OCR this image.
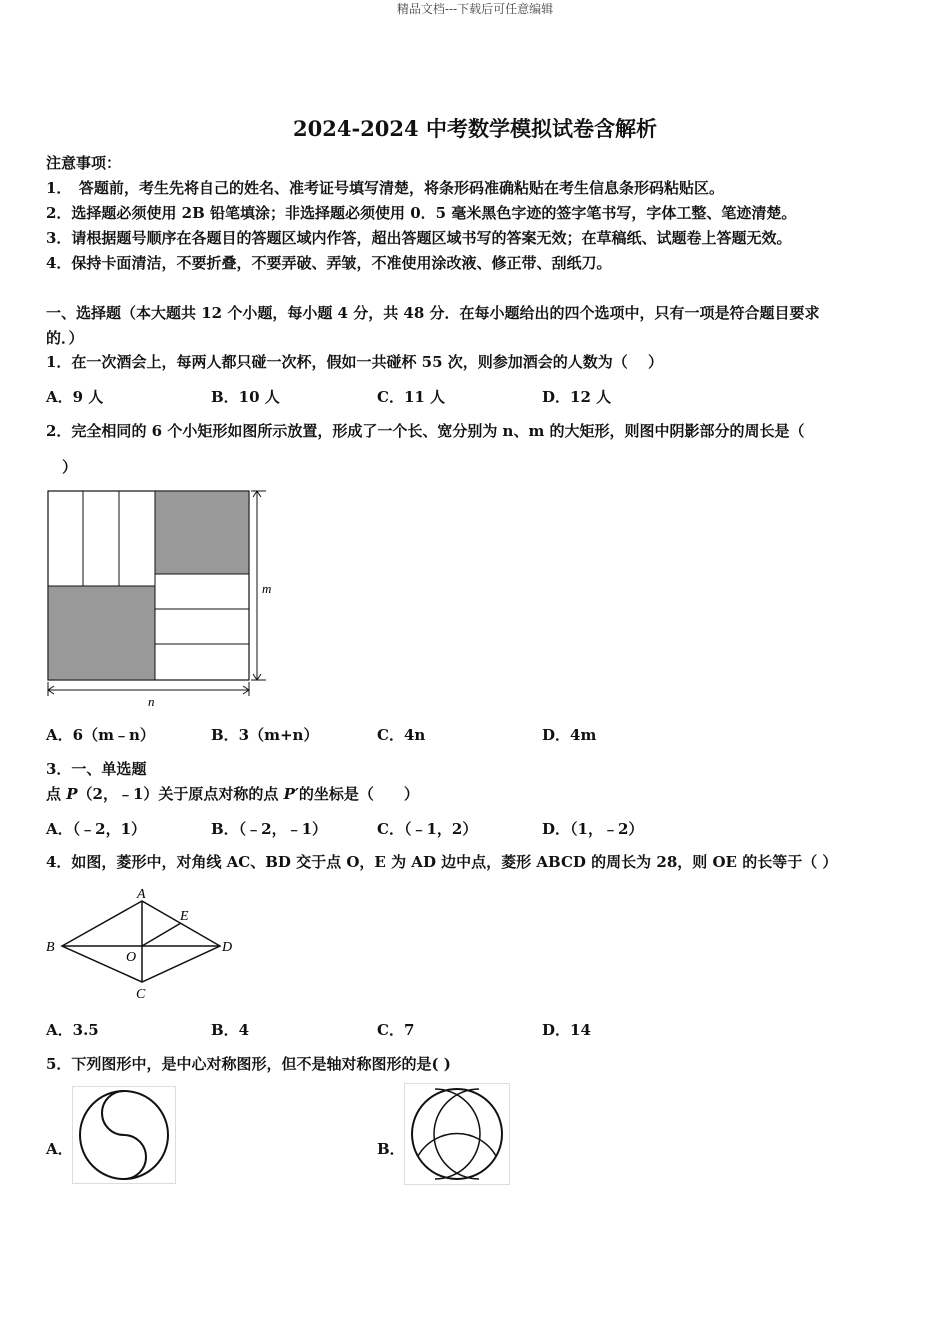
精品文档---下载后可任意编辑
2024-2024 中考数学模拟试卷含解析
注意事项：
1．　答题前，考生先将自己的姓名、准考证号填写清楚，将条形码准确粘贴在考生信息条形码粘贴区。
2．选择题必须使用 2B 铅笔填涂；非选择题必须使用 0．5 毫米黑色字迹的签字笔书写，字体工整、笔迹清楚。
3．请根据题号顺序在各题目的答题区域内作答，超出答题区域书写的答案无效；在草稿纸、试题卷上答题无效。
4．保持卡面清洁，不要折叠，不要弄破、弄皱，不准使用涂改液、修正带、刮纸刀。
一、选择题（本大题共 12 个小题，每小题 4 分，共 48 分．在每小题给出的四个选项中，只有一项是符合题目要求
的．）
1．在一次酒会上，每两人都只碰一次杯，假如一共碰杯 55 次，则参加酒会的人数为（　 ）
A．9 人	B．10 人	C．11 人	D．12 人
2．完全相同的 6 个小矩形如图所示放置，形成了一个长、宽分别为 n、m 的大矩形，则图中阴影部分的周长是（
）
m
n
A．6（m﹣n）	B．3（m+n）	C．4n	D．4m
3．一、单选题
点 P（2，﹣1）关于原点对称的点 P′的坐标是（　　）
A．（﹣2，1）	B．（﹣2，﹣1）	C．（﹣1，2）	D．（1，﹣2）
4．如图，菱形中，对角线 AC、BD 交于点 O，E 为 AD 边中点，菱形 ABCD 的周长为 28，则 OE 的长等于（ ）
A
B
C
D
E
O
A．3.5	B．4	C．7	D．14
5．下列图形中，是中心对称图形，但不是轴对称图形的是( )
A．	B．
